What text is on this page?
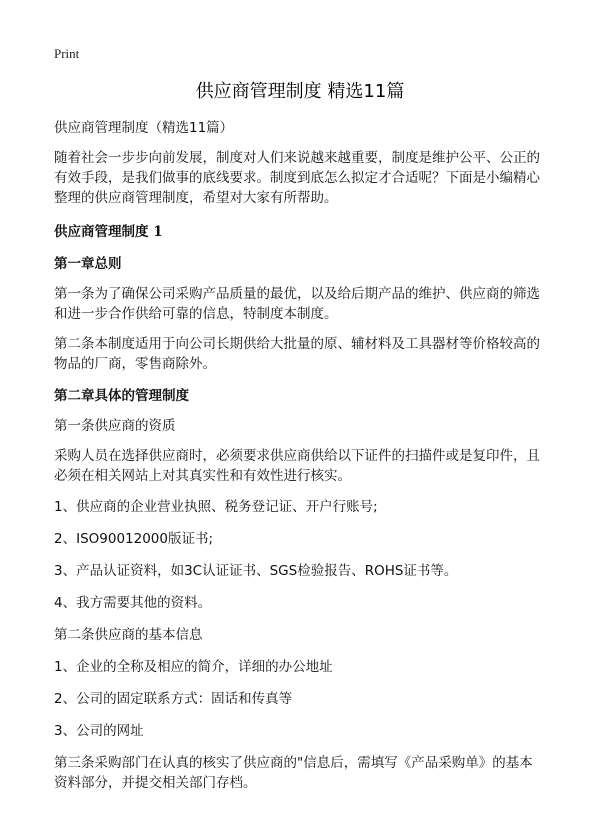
Print
供应商管理制度 精选11篇

供应商管理制度（精选11篇）

随着社会一步步向前发展，制度对人们来说越来越重要，制度是维护公平、公正的
有效手段，是我们做事的底线要求。制度到底怎么拟定才合适呢？下面是小编精心
整理的供应商管理制度，希望对大家有所帮助。

供应商管理制度 1

第一章总则

第一条为了确保公司采购产品质量的最优，以及给后期产品的维护、供应商的筛选
和进一步合作供给可靠的信息，特制度本制度。

第二条本制度适用于向公司长期供给大批量的原、辅材料及工具器材等价格较高的
物品的厂商，零售商除外。

第二章具体的管理制度

第一条供应商的资质

采购人员在选择供应商时，必须要求供应商供给以下证件的扫描件或是复印件，且
必须在相关网站上对其真实性和有效性进行核实。

1、供应商的企业营业执照、税务登记证、开户行账号;

2、ISO90012000版证书;

3、产品认证资料，如3C认证证书、SGS检验报告、ROHS证书等。

4、我方需要其他的资料。

第二条供应商的基本信息

1、企业的全称及相应的简介，详细的办公地址

2、公司的固定联系方式：固话和传真等

3、公司的网址

第三条采购部门在认真的核实了供应商的"信息后，需填写《产品采购单》的基本
资料部分，并提交相关部门存档。
